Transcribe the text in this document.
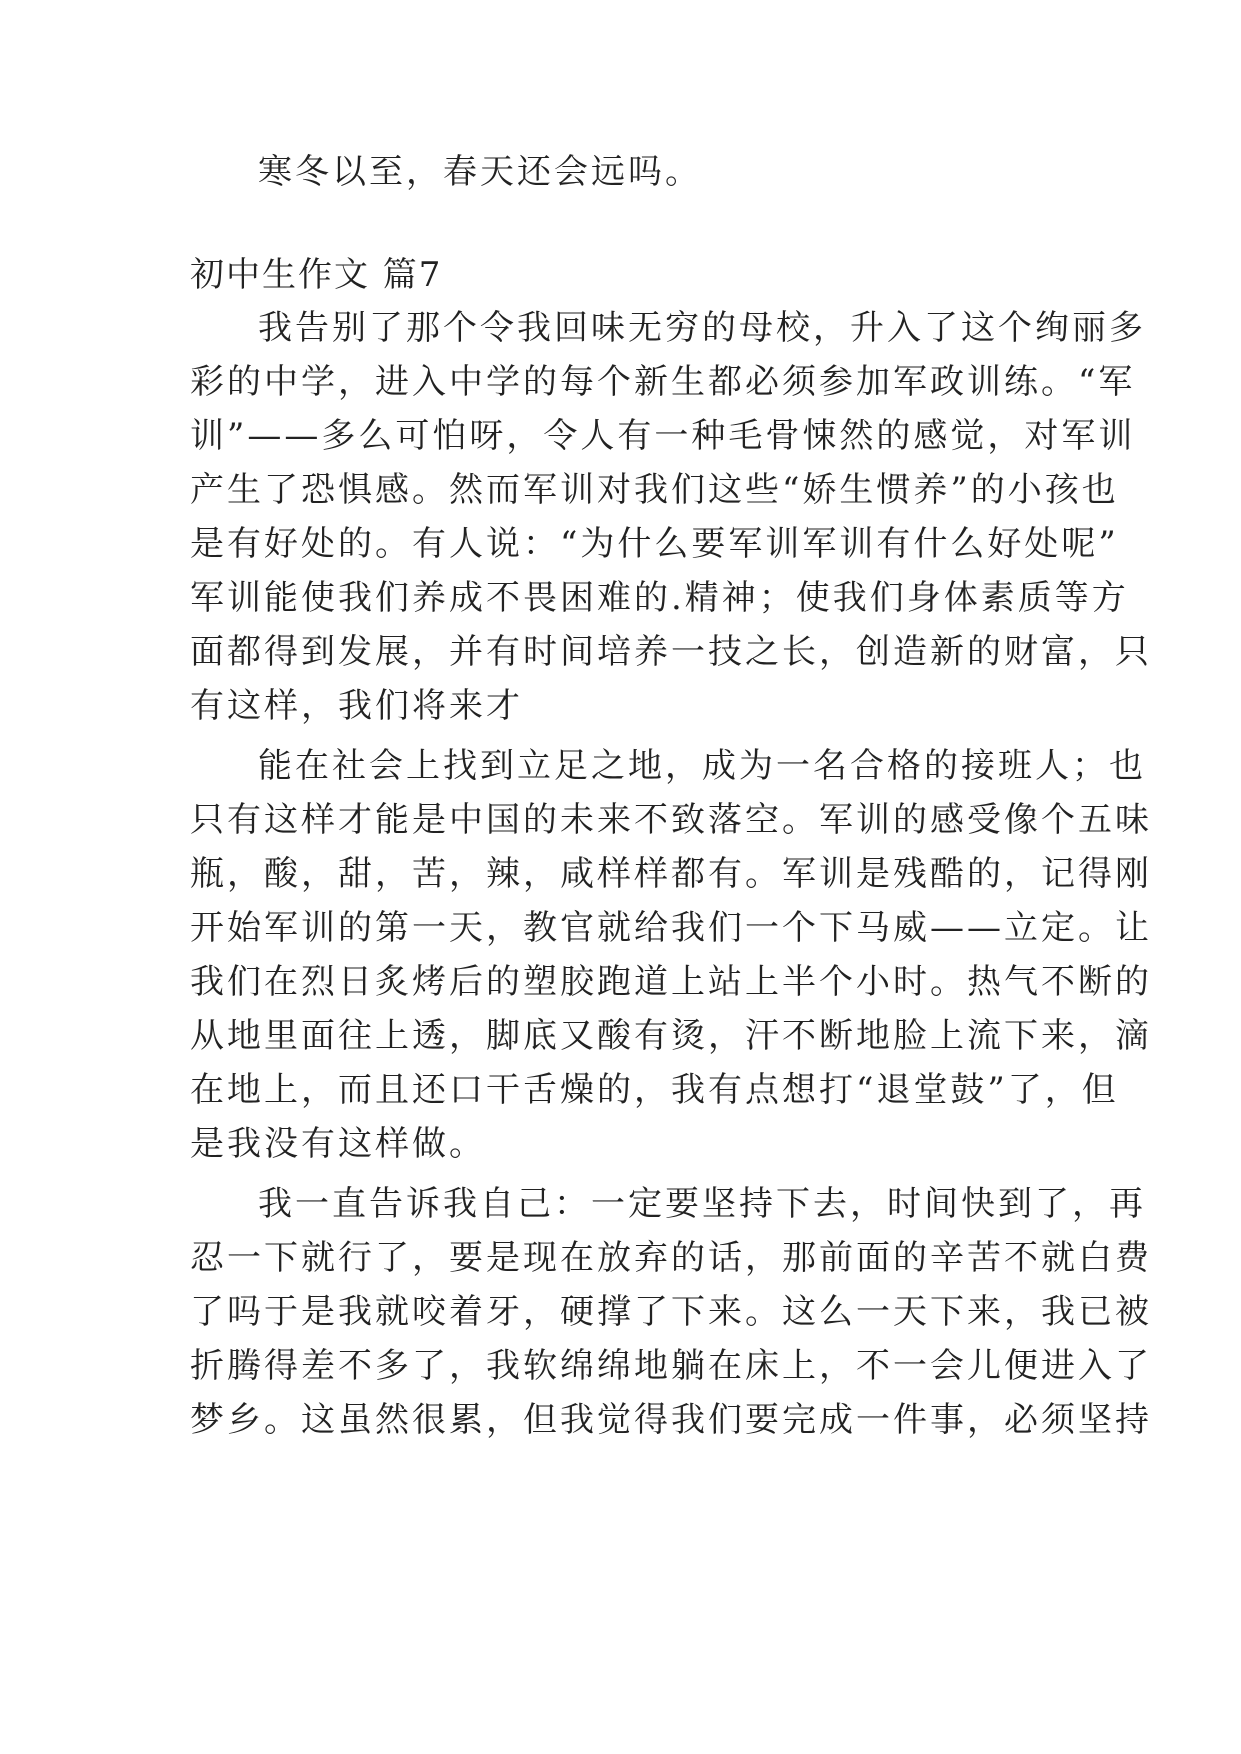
寒冬以至，春天还会远吗。
初中生作文 篇7
我告别了那个令我回味无穷的母校，升入了这个绚丽多
彩的中学，进入中学的每个新生都必须参加军政训练。“军
训”——多么可怕呀，令人有一种毛骨悚然的感觉，对军训
产生了恐惧感。然而军训对我们这些“娇生惯养”的小孩也
是有好处的。有人说：“为什么要军训军训有什么好处呢”
军训能使我们养成不畏困难的.精神；使我们身体素质等方
面都得到发展，并有时间培养一技之长，创造新的财富，只
有这样，我们将来才
能在社会上找到立足之地，成为一名合格的接班人；也
只有这样才能是中国的未来不致落空。军训的感受像个五味
瓶，酸，甜，苦，辣，咸样样都有。军训是残酷的，记得刚
开始军训的第一天，教官就给我们一个下马威——立定。让
我们在烈日炙烤后的塑胶跑道上站上半个小时。热气不断的
从地里面往上透，脚底又酸有烫，汗不断地脸上流下来，滴
在地上，而且还口干舌燥的，我有点想打“退堂鼓”了，但
是我没有这样做。
我一直告诉我自己：一定要坚持下去，时间快到了，再
忍一下就行了，要是现在放弃的话，那前面的辛苦不就白费
了吗于是我就咬着牙，硬撑了下来。这么一天下来，我已被
折腾得差不多了，我软绵绵地躺在床上，不一会儿便进入了
梦乡。这虽然很累，但我觉得我们要完成一件事，必须坚持
